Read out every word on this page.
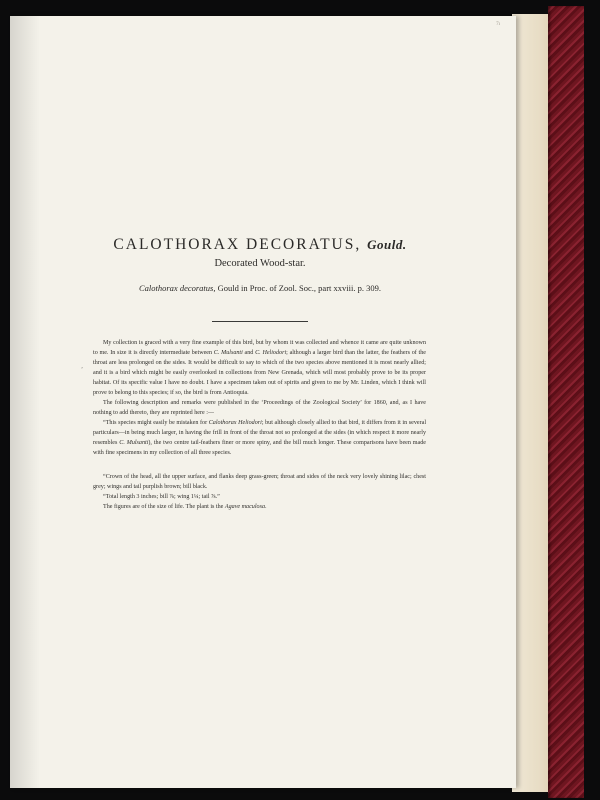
7ı
CALOTHORAX DECORATUS, Gould.
Decorated Wood-star.
Calothorax decoratus, Gould in Proc. of Zool. Soc., part xxviii. p. 309.
’

My collection is graced with a very fine example of this bird, but by whom it was collected and whence it came are quite unknown to me. In size it is directly intermediate between C. Mulsanti and C. Heliodori; although a larger bird than the latter, the feathers of the throat are less prolonged on the sides. It would be difficult to say to which of the two species above mentioned it is most nearly allied; and it is a bird which might be easily overlooked in collections from New Grenada, which will most probably prove to be its proper habitat. Of its specific value I have no doubt. I have a specimen taken out of spirits and given to me by Mr. Linden, which I think will prove to belong to this species; if so, the bird is from Antioquia.

The following description and remarks were published in the ‘Proceedings of the Zoological Society’ for 1860, and, as I have nothing to add thereto, they are reprinted here :—

“This species might easily be mistaken for Calothorax Heliodori; but although closely allied to that bird, it differs from it in several particulars—in being much larger, in having the frill in front of the throat not so prolonged at the sides (in which respect it more nearly resembles C. Mulsanti), the two centre tail-feathers finer or more spiny, and the bill much longer. These comparisons have been made with fine specimens in my collection of all three species.

“Crown of the head, all the upper surface, and flanks deep grass-green; throat and sides of the neck very lovely shining lilac; chest grey; wings and tail purplish brown; bill black.

“Total length 3 inches; bill ⅞; wing 1¼; tail ⅞.”

The figures are of the size of life. The plant is the Agave maculosa.
